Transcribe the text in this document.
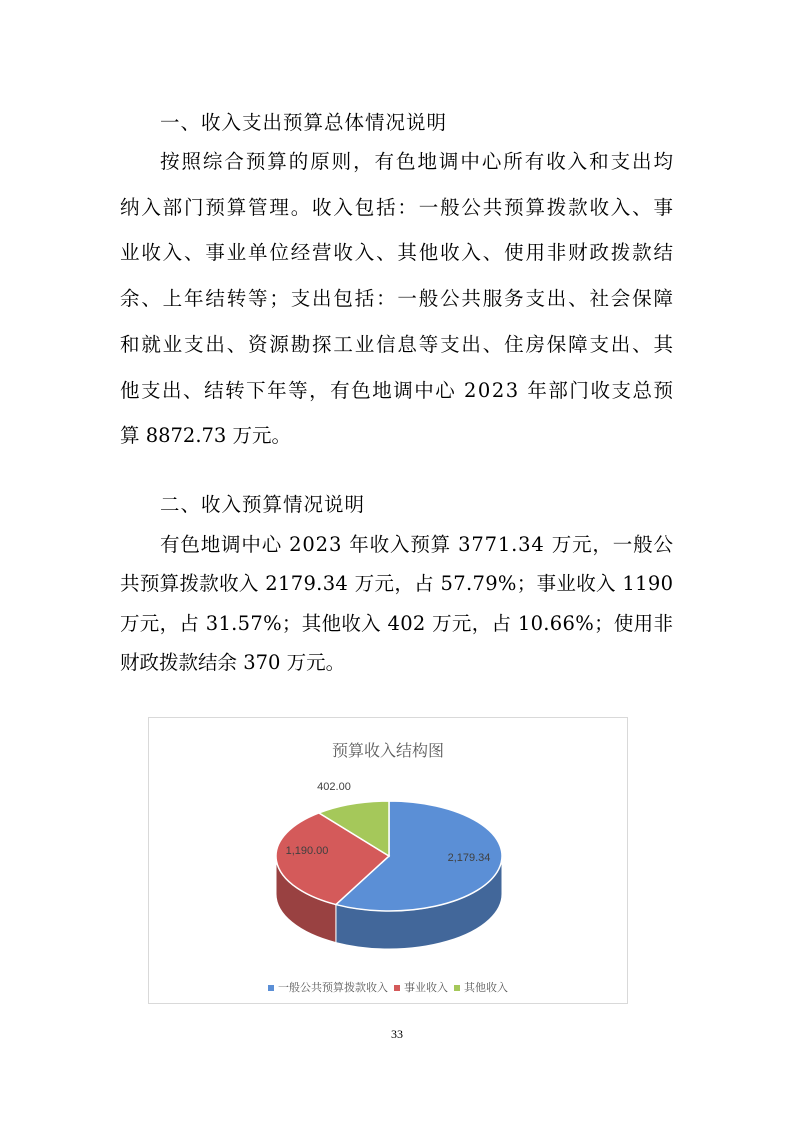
一、收入支出预算总体情况说明
按照综合预算的原则，有色地调中心所有收入和支出均
纳入部门预算管理。收入包括：一般公共预算拨款收入、事
业收入、事业单位经营收入、其他收入、使用非财政拨款结
余、上年结转等；支出包括：一般公共服务支出、社会保障
和就业支出、资源勘探工业信息等支出、住房保障支出、其
他支出、结转下年等，有色地调中心 2023 年部门收支总预
算 8872.73 万元。
二、收入预算情况说明
有色地调中心 2023 年收入预算 3771.34 万元，一般公
共预算拨款收入 2179.34 万元，占 57.79%；事业收入 1190
万元，占 31.57%；其他收入 402 万元，占 10.66%；使用非
财政拨款结余 370 万元。
预算收入结构图
2,179.34
1,190.00
402.00
一般公共预算拨款收入 事业收入 其他收入
33
